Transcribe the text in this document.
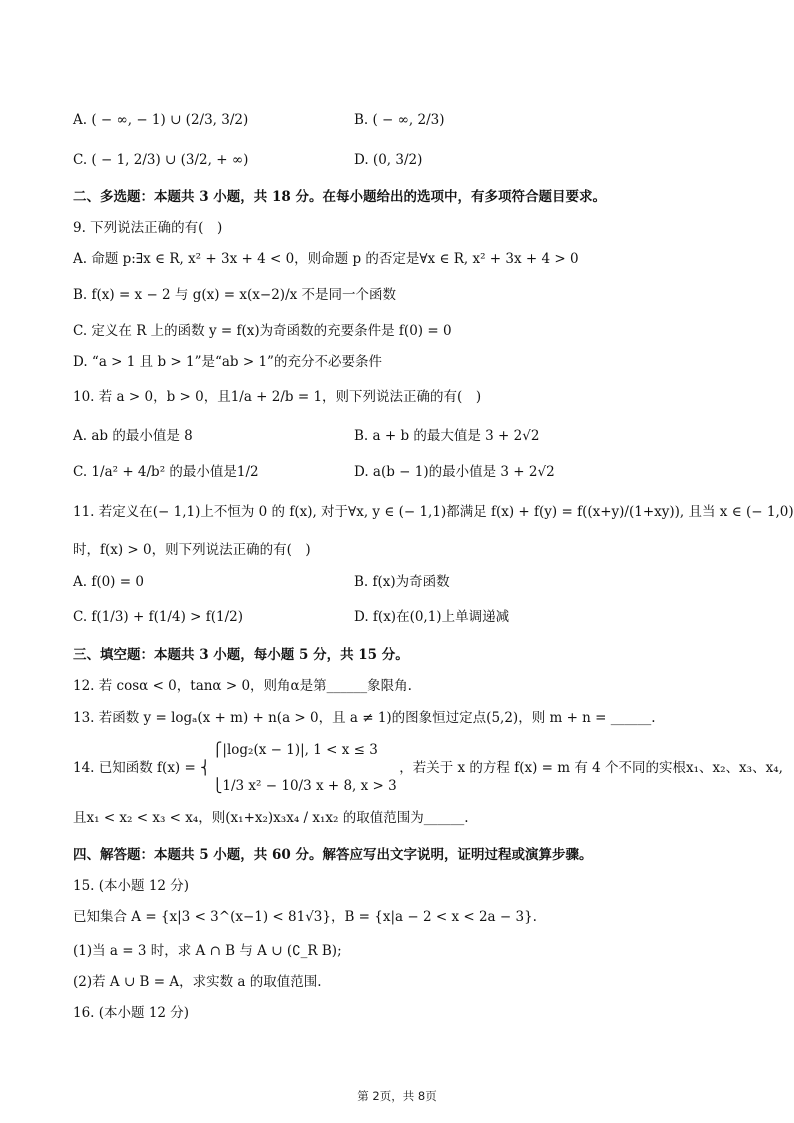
A. ( − ∞, − 1) ∪ (2/3, 3/2)	B. ( − ∞, 2/3)
C. ( − 1, 2/3) ∪ (3/2, + ∞)	D. (0, 3/2)
二、多选题：本题共 3 小题，共 18 分。在每小题给出的选项中，有多项符合题目要求。
9. 下列说法正确的有(　)
A. 命题 p:∃x ∈ R, x² + 3x + 4 < 0，则命题 p 的否定是∀x ∈ R, x² + 3x + 4 > 0
B. f(x) = x − 2 与 g(x) = x(x−2)/x 不是同一个函数
C. 定义在 R 上的函数 y = f(x)为奇函数的充要条件是 f(0) = 0
D. “a > 1 且 b > 1”是“ab > 1”的充分不必要条件
10. 若 a > 0，b > 0，且1/a + 2/b = 1，则下列说法正确的有(　)
A. ab 的最小值是 8	B. a + b 的最大值是 3 + 2√2
C. 1/a² + 4/b² 的最小值是1/2	D. a(b − 1)的最小值是 3 + 2√2
11. 若定义在(− 1,1)上不恒为 0 的 f(x), 对于∀x, y ∈ (− 1,1)都满足 f(x) + f(y) = f((x+y)/(1+xy)), 且当 x ∈ (− 1,0)
时，f(x) > 0，则下列说法正确的有(　)
A. f(0) = 0	B. f(x)为奇函数
C. f(1/3) + f(1/4) > f(1/2)	D. f(x)在(0,1)上单调递减
三、填空题：本题共 3 小题，每小题 5 分，共 15 分。
12. 若 cosα < 0，tanα > 0，则角α是第______象限角.
13. 若函数 y = logₐ(x + m) + n(a > 0，且 a ≠ 1)的图象恒过定点(5,2)，则 m + n = ______.
　　　　　　　　　　 ⎧|log₂(x − 1)|, 1 < x ≤ 3
14. 已知函数 f(x) = ⎨　　　　　　　　　　　　　　，若关于 x 的方程 f(x) = m 有 4 个不同的实根x₁、x₂、x₃、x₄,
　　　　　　　　　　 ⎩1/3 x² − 10/3 x + 8, x > 3
且x₁ < x₂ < x₃ < x₄，则(x₁+x₂)x₃x₄ / x₁x₂ 的取值范围为______.
四、解答题：本题共 5 小题，共 60 分。解答应写出文字说明，证明过程或演算步骤。
15. (本小题 12 分)
已知集合 A = {x|3 < 3^(x−1) < 81√3}，B = {x|a − 2 < x < 2a − 3}.
(1)当 a = 3 时，求 A ∩ B 与 A ∪ (∁_R B);
(2)若 A ∪ B = A，求实数 a 的取值范围.
16. (本小题 12 分)
第 2页，共 8页
